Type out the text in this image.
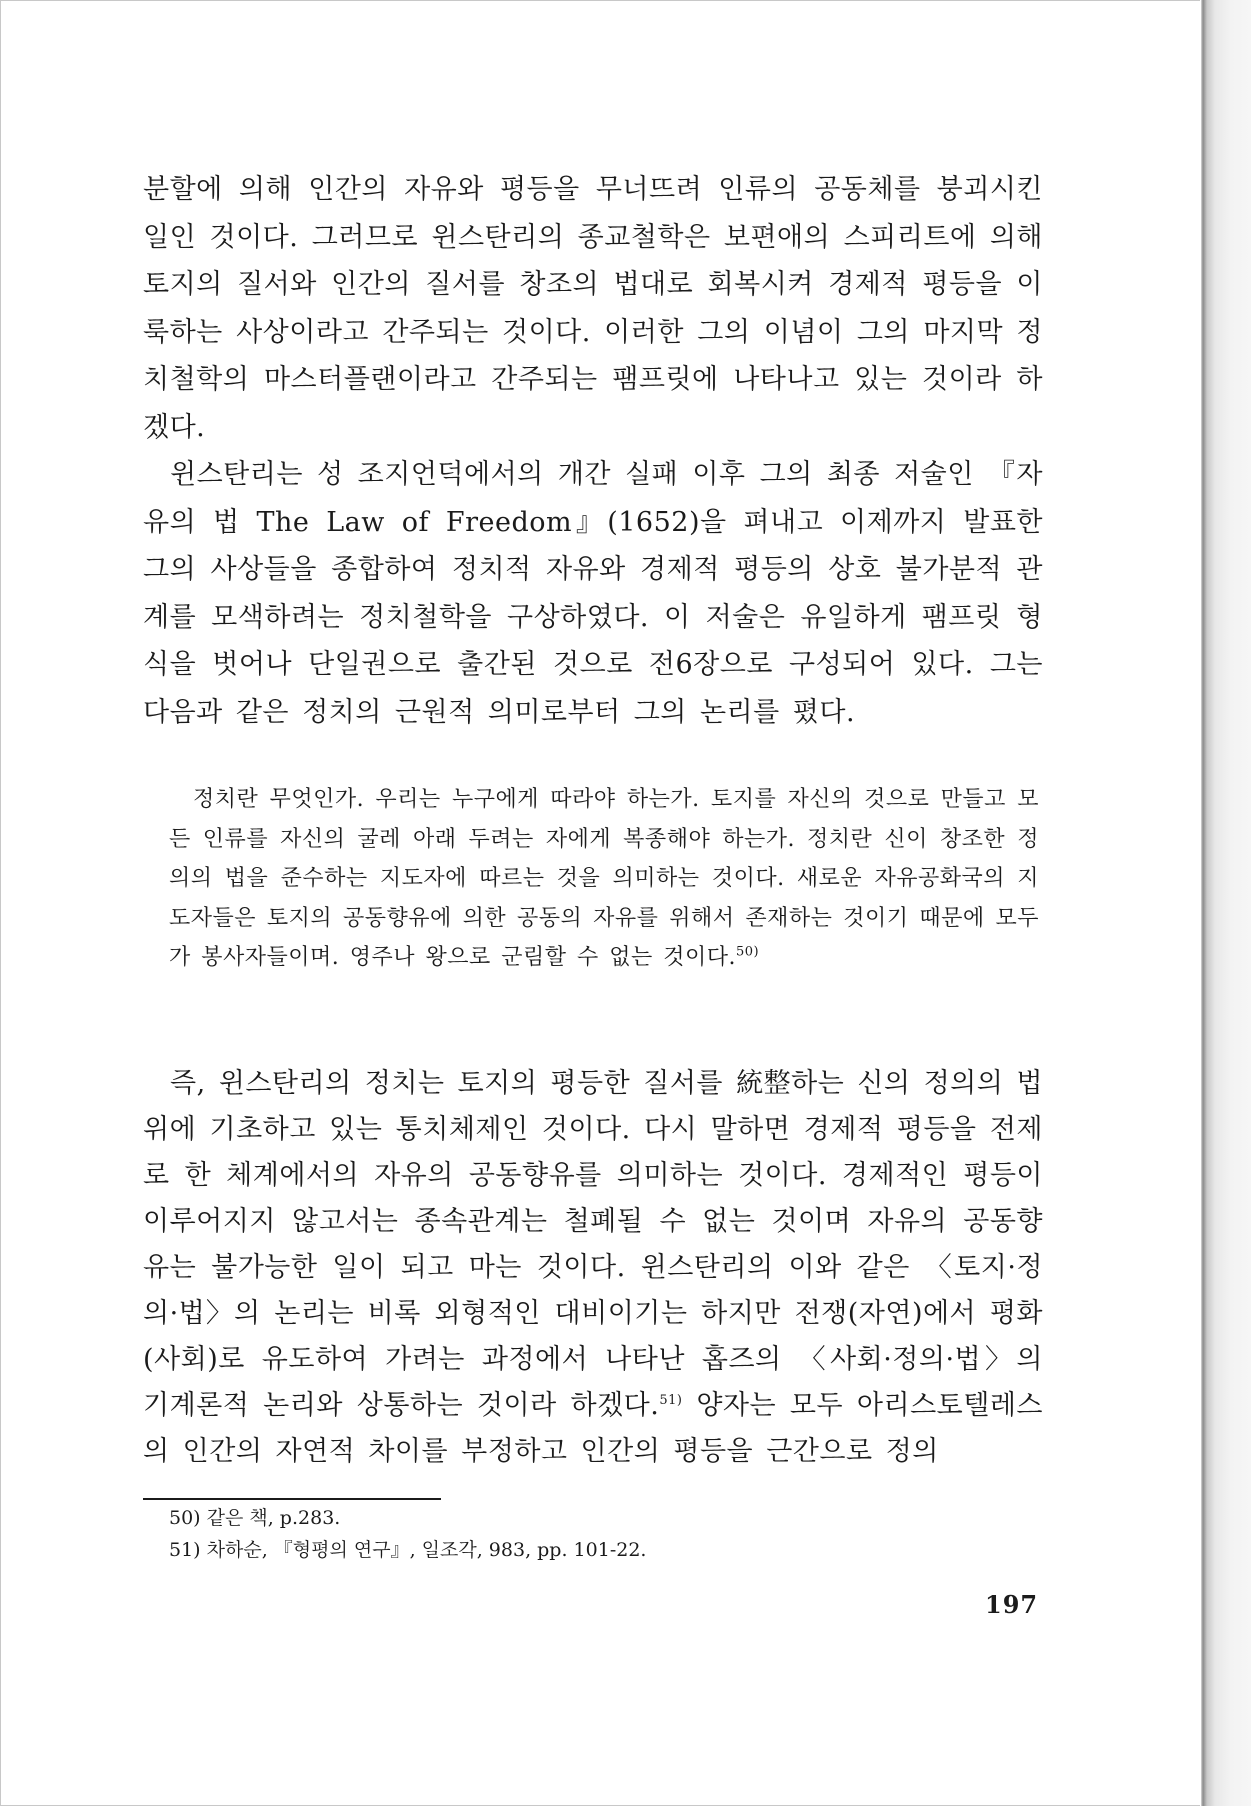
분할에 의해 인간의 자유와 평등을 무너뜨려 인류의 공동체를 붕괴시킨 일인 것이다. 그러므로 윈스탄리의 종교철학은 보편애의 스피리트에 의해 토지의 질서와 인간의 질서를 창조의 법대로 회복시켜 경제적 평등을 이룩하는 사상이라고 간주되는 것이다. 이러한 그의 이념이 그의 마지막 정치철학의 마스터플랜이라고 간주되는 팸프릿에 나타나고 있는 것이라 하겠다.

윈스탄리는 성 조지언덕에서의 개간 실패 이후 그의 최종 저술인 『자유의 법 The Law of Freedom』(1652)을 펴내고 이제까지 발표한 그의 사상들을 종합하여 정치적 자유와 경제적 평등의 상호 불가분적 관계를 모색하려는 정치철학을 구상하였다. 이 저술은 유일하게 팸프릿 형식을 벗어나 단일권으로 출간된 것으로 전6장으로 구성되어 있다. 그는 다음과 같은 정치의 근원적 의미로부터 그의 논리를 폈다.

정치란 무엇인가. 우리는 누구에게 따라야 하는가. 토지를 자신의 것으로 만들고 모든 인류를 자신의 굴레 아래 두려는 자에게 복종해야 하는가. 정치란 신이 창조한 정의의 법을 준수하는 지도자에 따르는 것을 의미하는 것이다. 새로운 자유공화국의 지도자들은 토지의 공동향유에 의한 공동의 자유를 위해서 존재하는 것이기 때문에 모두가 봉사자들이며. 영주나 왕으로 군림할 수 없는 것이다.$^{50)}$

즉, 윈스탄리의 정치는 토지의 평등한 질서를 統整하는 신의 정의의 법 위에 기초하고 있는 통치체제인 것이다. 다시 말하면 경제적 평등을 전제로 한 체계에서의 자유의 공동향유를 의미하는 것이다. 경제적인 평등이 이루어지지 않고서는 종속관계는 철폐될 수 없는 것이며 자유의 공동향유는 불가능한 일이 되고 마는 것이다. 윈스탄리의 이와 같은 〈토지·정의·법〉의 논리는 비록 외형적인 대비이기는 하지만 전쟁(자연)에서 평화(사회)로 유도하여 가려는 과정에서 나타난 홉즈의 〈사회·정의·법〉의 기계론적 논리와 상통하는 것이라 하겠다.$^{51)}$ 양자는 모두 아리스토텔레스의 인간의 자연적 차이를 부정하고 인간의 평등을 근간으로 정의

50) 같은 책, p.283.

51) 차하순, 『형평의 연구』, 일조각, 983, pp. 101-22.

197
